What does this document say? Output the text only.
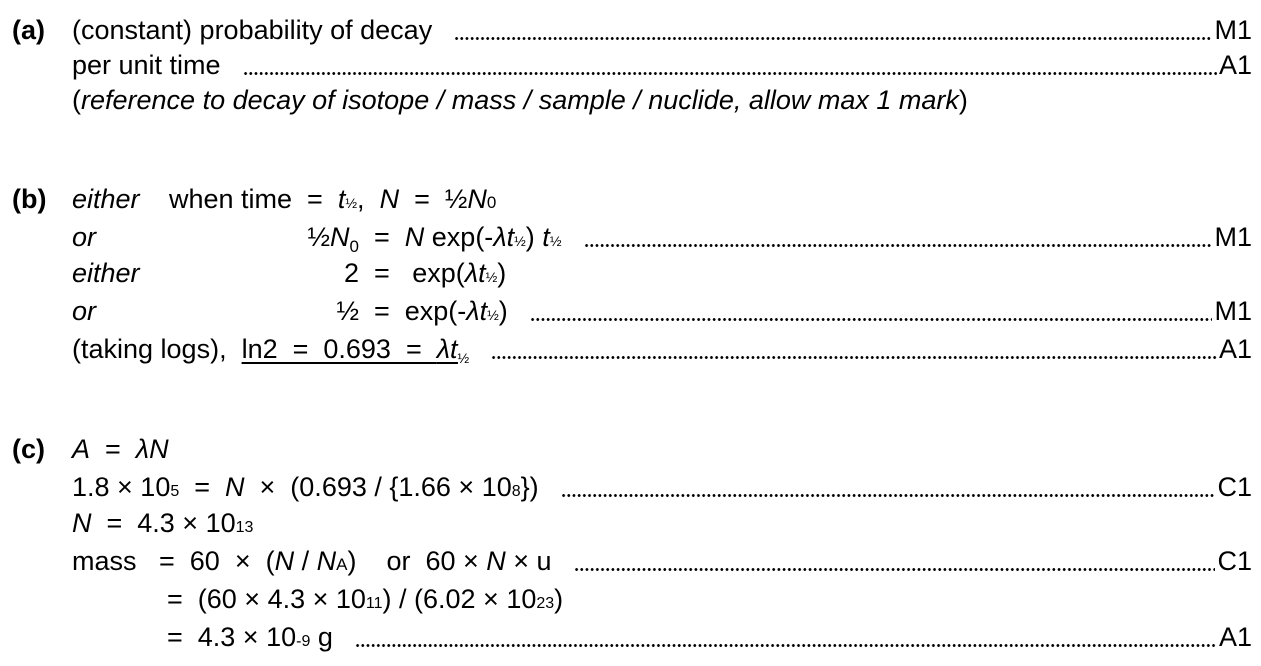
(a) (constant) probability of decay	M1
per unit time	A1
( reference to decay of isotope / mass / sample / nuclide, allow max 1 mark )
(b) either	when time  = t ½ , N =  ½ N 0
or	$\frac{1}{2}N_0 = N$ exp(- λt ½ ) t ½	M1
either	2 =   exp( λt ½ )
or	½ =  exp(- λt ½ )	M1
(taking logs), ln2  =  0.693  =  λt½	A1
(c) A = λN
1.8 × 10 5 = N ×  (0.693 / {1.66 × 10 8 })	C1
N =  4.3 × 10 13
mass   =  60  ×  ( N / N A )    or  60 × N × u	C1
=  (60 × 4.3 × 10 11 ) / (6.02 × 10 23 )
=  4.3 × 10 -9 g	A1
